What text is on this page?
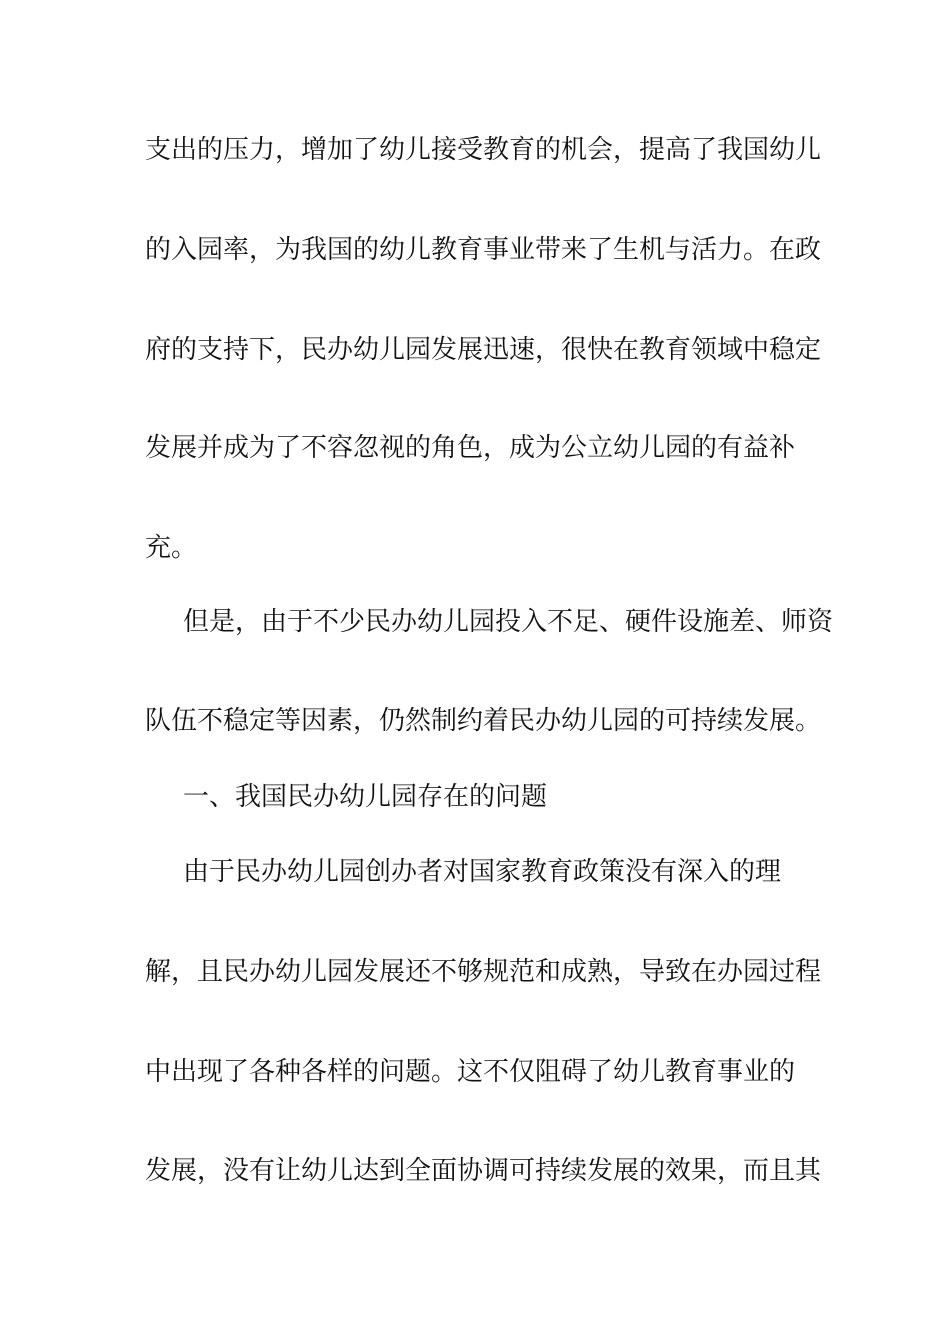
支出的压力，增加了幼儿接受教育的机会，提高了我国幼儿
的入园率，为我国的幼儿教育事业带来了生机与活力。在政
府的支持下，民办幼儿园发展迅速，很快在教育领域中稳定
发展并成为了不容忽视的角色，成为公立幼儿园的有益补
充。
但是，由于不少民办幼儿园投入不足、硬件设施差、师资
队伍不稳定等因素，仍然制约着民办幼儿园的可持续发展。
一、我国民办幼儿园存在的问题
由于民办幼儿园创办者对国家教育政策没有深入的理
解，且民办幼儿园发展还不够规范和成熟，导致在办园过程
中出现了各种各样的问题。这不仅阻碍了幼儿教育事业的
发展，没有让幼儿达到全面协调可持续发展的效果，而且其
